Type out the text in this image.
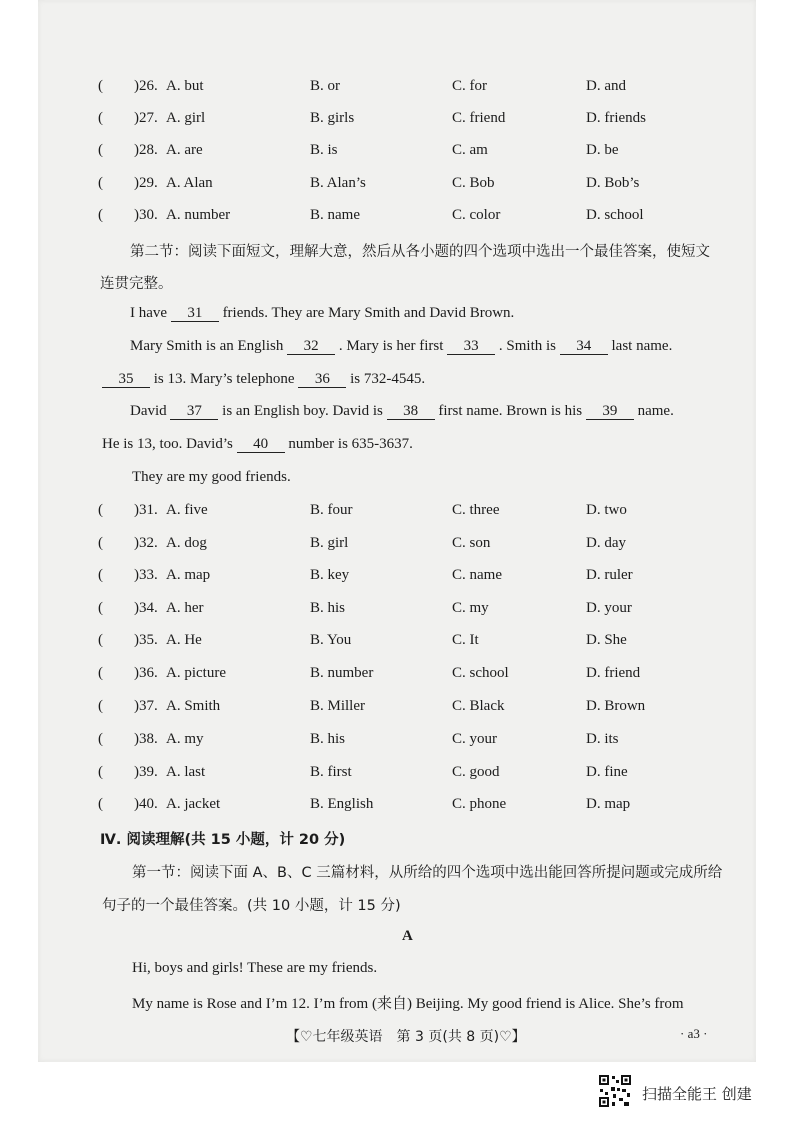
( )26. A. but	B. or	C. for	D. and
( )27. A. girl	B. girls	C. friend	D. friends
( )28. A. are	B. is	C. am	D. be
( )29. A. Alan	B. Alan’s	C. Bob	D. Bob’s
( )30. A. number	B. name	C. color	D. school
第二节：阅读下面短文，理解大意，然后从各小题的四个选项中选出一个最佳答案，使短文
连贯完整。
I have 31 friends. They are Mary Smith and David Brown.
Mary Smith is an English 32 . Mary is her first 33 . Smith is 34 last name.
35 is 13. Mary’s telephone 36 is 732-4545.
David 37 is an English boy. David is 38 first name. Brown is his 39 name.
He is 13, too. David’s 40 number is 635-3637.
They are my good friends.
( )31. A. five	B. four	C. three	D. two
( )32. A. dog	B. girl	C. son	D. day
( )33. A. map	B. key	C. name	D. ruler
( )34. A. her	B. his	C. my	D. your
( )35. A. He	B. You	C. It	D. She
( )36. A. picture	B. number	C. school	D. friend
( )37. A. Smith	B. Miller	C. Black	D. Brown
( )38. A. my	B. his	C. your	D. its
( )39. A. last	B. first	C. good	D. fine
( )40. A. jacket	B. English	C. phone	D. map
Ⅳ. 阅读理解(共 15 小题，计 20 分)
第一节：阅读下面 A、B、C 三篇材料，从所给的四个选项中选出能回答所提问题或完成所给
句子的一个最佳答案。(共 10 小题，计 15 分)
A
Hi, boys and girls! These are my friends.
My name is Rose and I’m 12. I’m from (来自) Beijing. My good friend is Alice. She’s from
【♡七年级英语　第 3 页(共 8 页)♡】	· a3 ·
扫描全能王 创建
